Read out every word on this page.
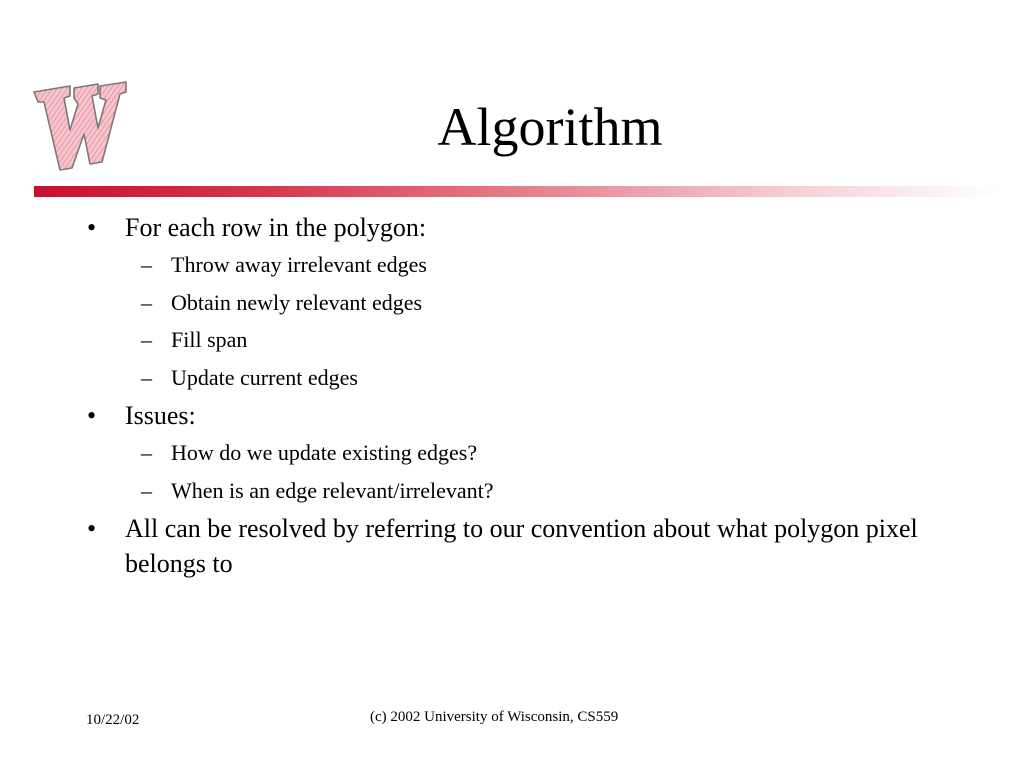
Algorithm
• For each row in the polygon:
– Throw away irrelevant edges
– Obtain newly relevant edges
– Fill span
– Update current edges
• Issues:
– How do we update existing edges?
– When is an edge relevant/irrelevant?
• All can be resolved by referring to our convention about what polygon pixel belongs to
10/22/02	(c) 2002 University of Wisconsin, CS559
